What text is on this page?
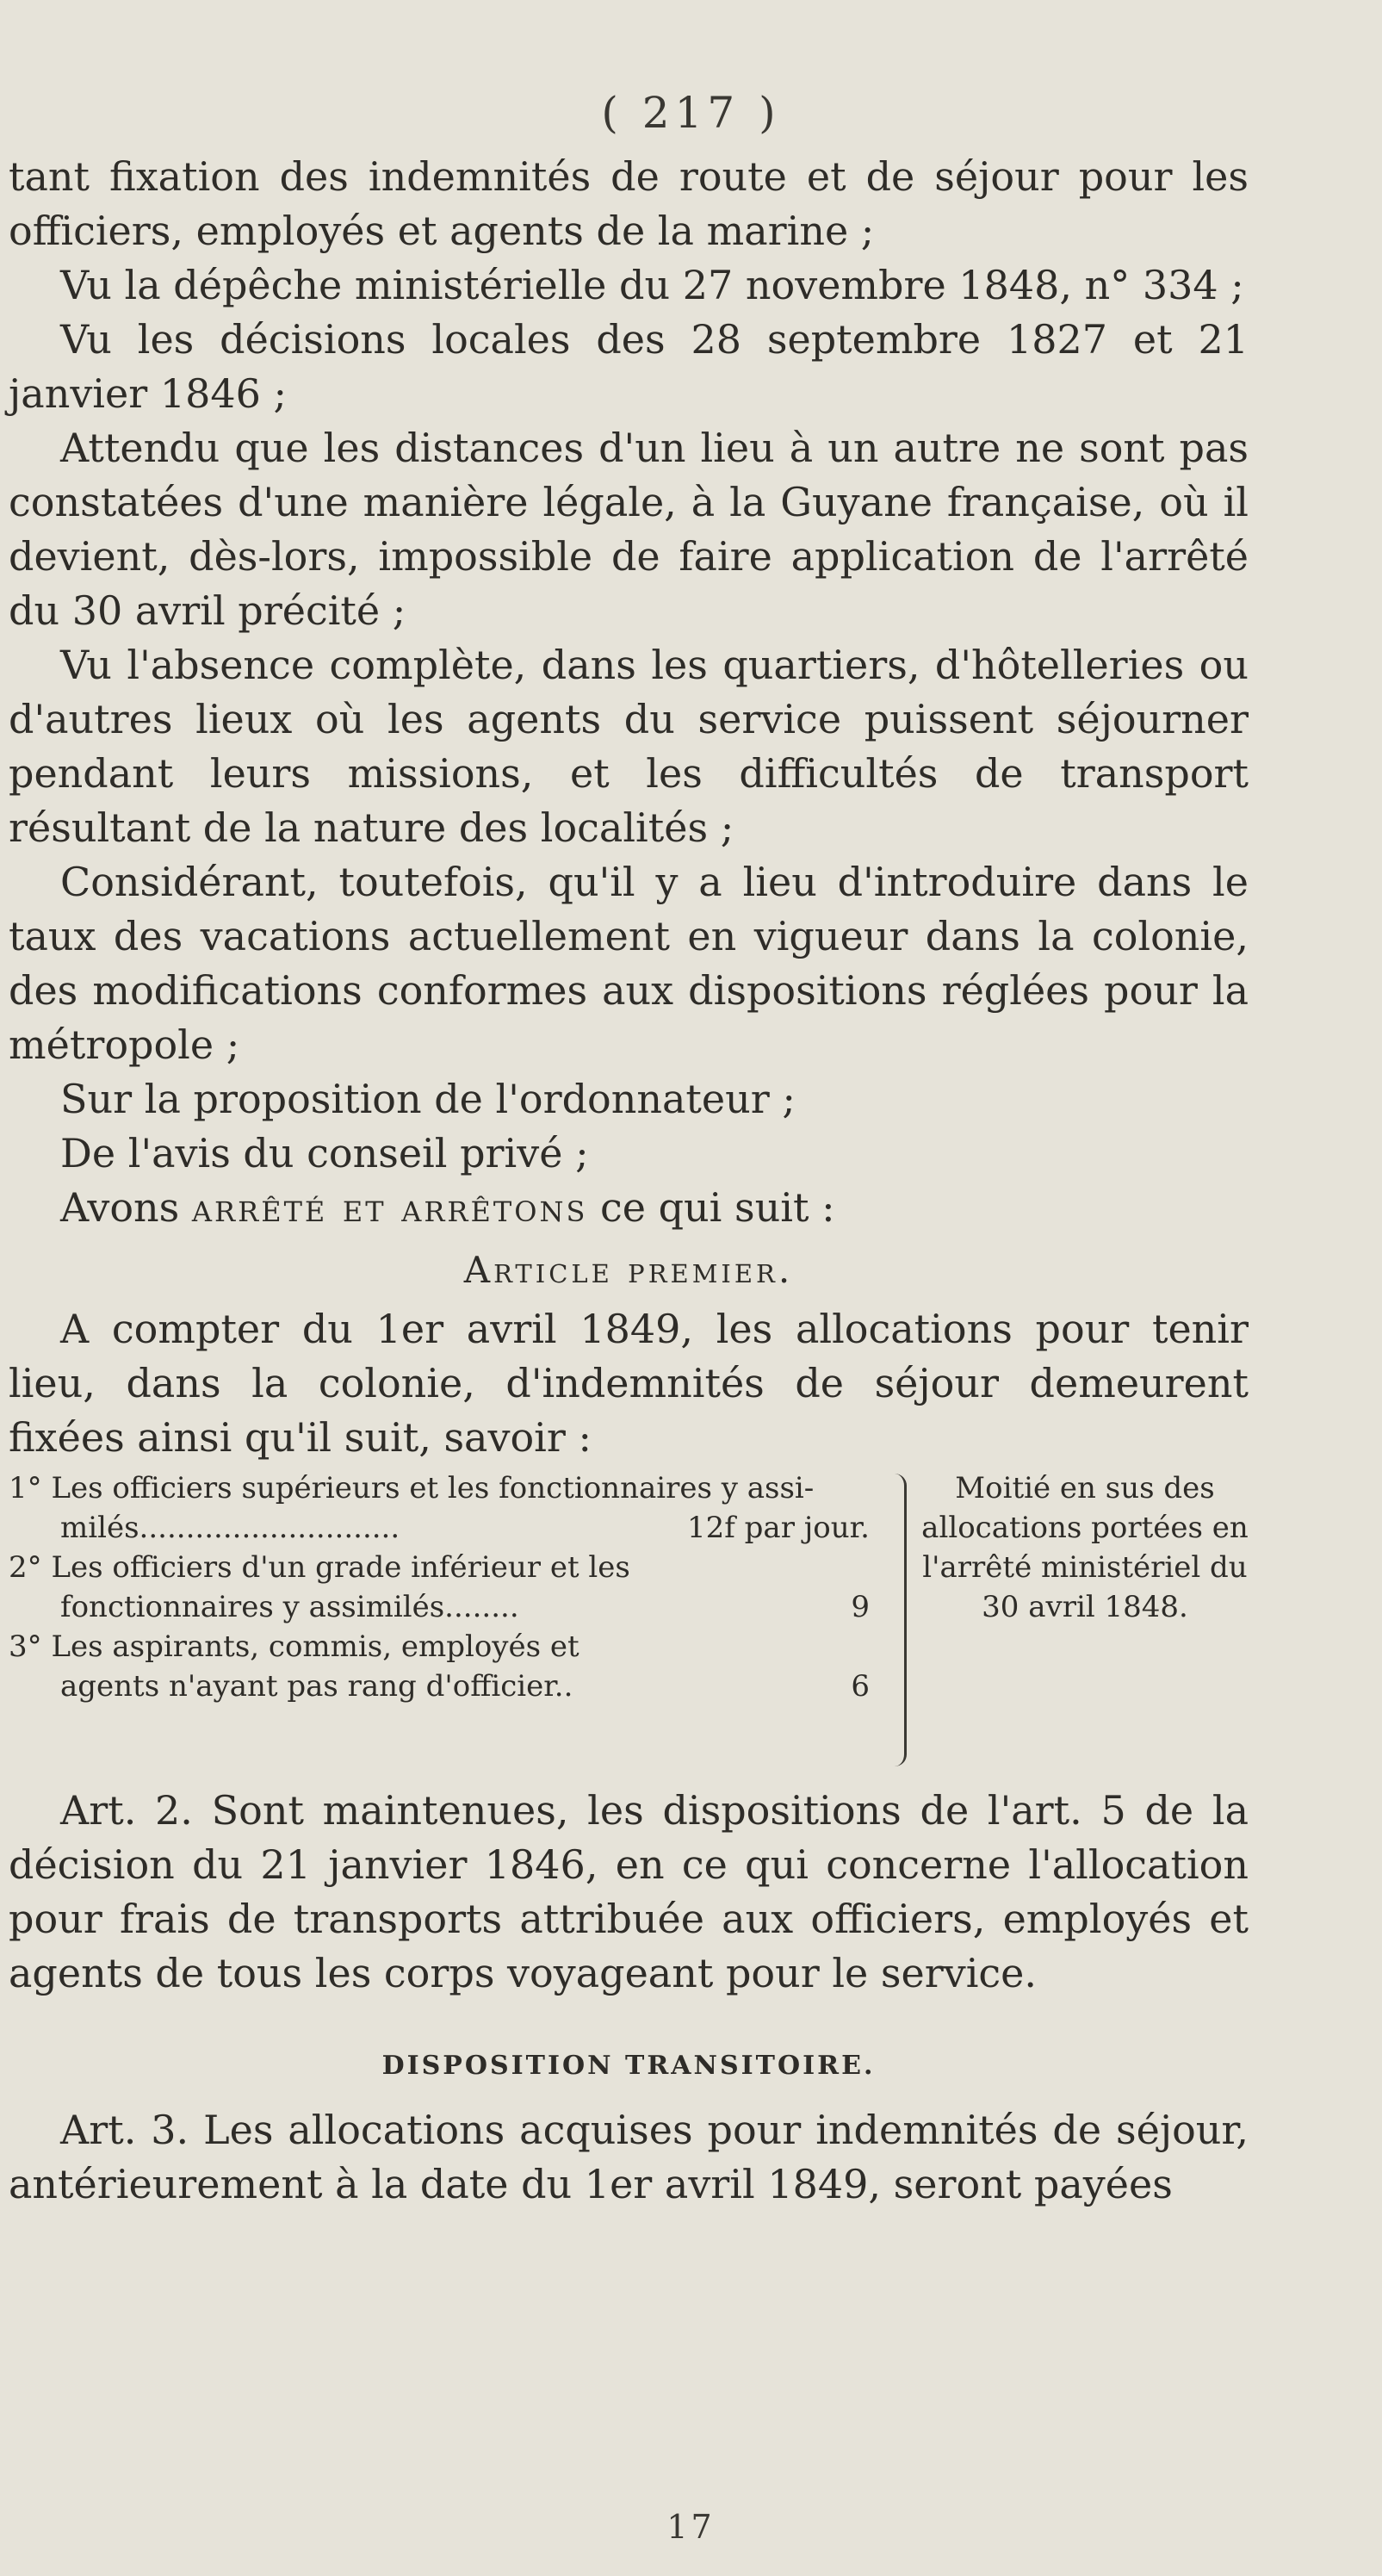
( 217 )

tant fixation des indemnités de route et de séjour pour les officiers, employés et agents de la marine ;

Vu la dépêche ministérielle du 27 novembre 1848, n° 334 ;

Vu les décisions locales des 28 septembre 1827 et 21 janvier 1846 ;

Attendu que les distances d'un lieu à un autre ne sont pas constatées d'une manière légale, à la Guyane française, où il devient, dès-lors, impossible de faire application de l'arrêté du 30 avril précité ;

Vu l'absence complète, dans les quartiers, d'hôtelleries ou d'autres lieux où les agents du service puissent séjourner pendant leurs missions, et les difficultés de transport résultant de la nature des localités ;

Considérant, toutefois, qu'il y a lieu d'introduire dans le taux des vacations actuellement en vigueur dans la colonie, des modifications conformes aux dispositions réglées pour la métropole ;

Sur la proposition de l'ordonnateur ;

De l'avis du conseil privé ;

Avons arrêté et arrêtons ce qui suit :

Article premier.

A compter du 1er avril 1849, les allocations pour tenir lieu, dans la colonie, d'indemnités de séjour demeurent fixées ainsi qu'il suit, savoir :

1° Les officiers supérieurs et les fonctionnaires y assi-
milés............................	12f par jour.

2° Les officiers d'un grade inférieur et les
fonctionnaires y assimilés........	9

3° Les aspirants, commis, employés et
agents n'ayant pas rang d'officier..	6

Moitié en sus des allocations portées en l'arrêté ministériel du 30 avril 1848.

Art. 2. Sont maintenues, les dispositions de l'art. 5 de la décision du 21 janvier 1846, en ce qui concerne l'allocation pour frais de transports attribuée aux officiers, employés et agents de tous les corps voyageant pour le service.

DISPOSITION TRANSITOIRE.

Art. 3. Les allocations acquises pour indemnités de séjour, antérieurement à la date du 1er avril 1849, seront payées

17
